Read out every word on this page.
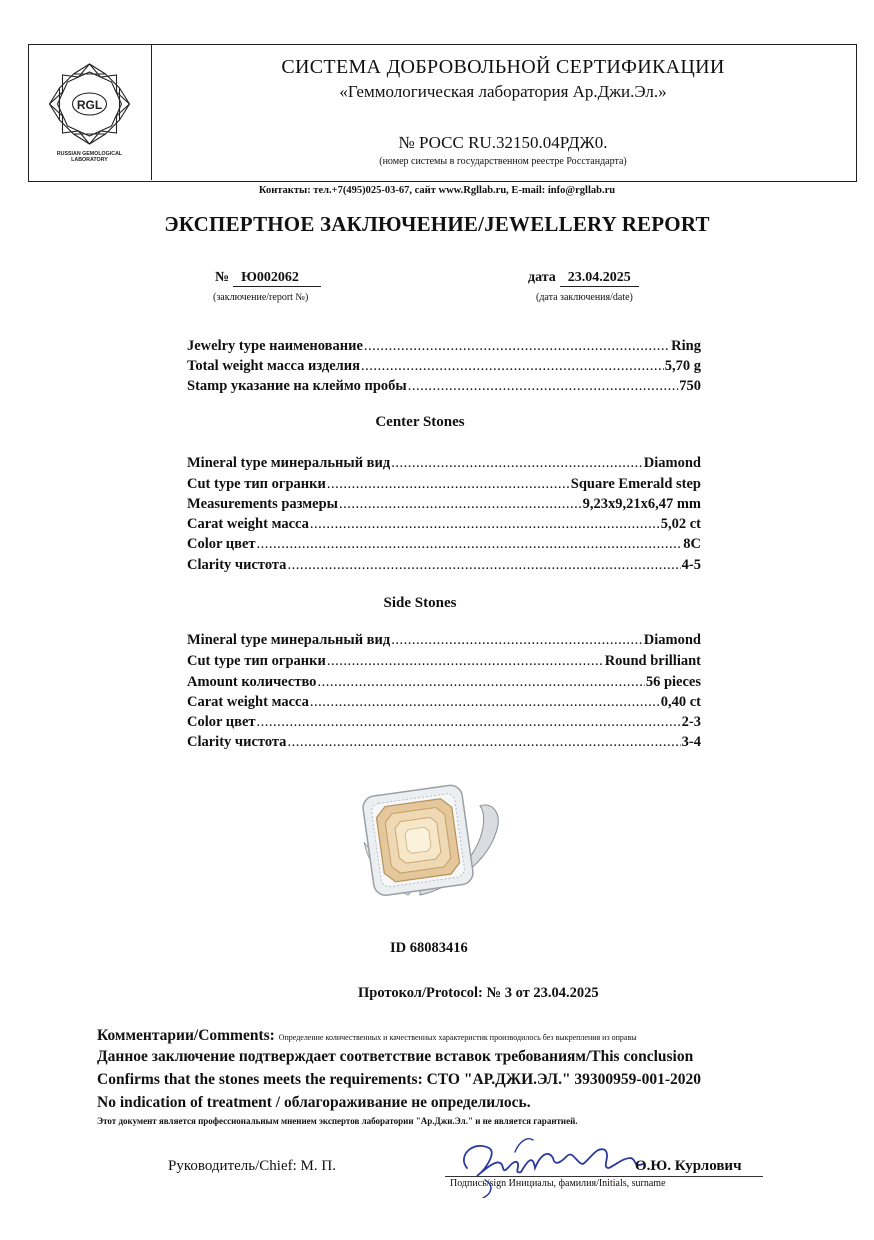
RGL
RUSSIAN GEMOLOGICAL
LABORATORY
СИСТЕМА ДОБРОВОЛЬНОЙ СЕРТИФИКАЦИИ
«Геммологическая лаборатория Ар.Джи.Эл.»
№ РОСС RU.32150.04РДЖ0.
(номер системы в государственном реестре Росстандарта)
Контакты: тел.+7(495)025-03-67, сайт www.Rgllab.ru, E-mail: info@rgllab.ru
ЭКСПЕРТНОЕ ЗАКЛЮЧЕНИЕ/JEWELLERY REPORT
№ Ю002062
(заключение/report №)
дата 23.04.2025
(дата заключения/date)
Jewelry type наименование .....	Ring
Total weight масса изделия .....	5,70 g
Stamp указание на клеймо пробы .....	750
Center Stones
Mineral type минеральный вид .....	Diamond
Cut type тип огранки .....	Square Emerald step
Measurements размеры .....	9,23x9,21x6,47 mm
Carat weight масса .....	5,02 ct
Color цвет .....	8C
Clarity чистота .....	4-5
Side Stones
Mineral type минеральный вид .....	Diamond
Cut type тип огранки .....	Round brilliant
Amount количество .....	56 pieces
Carat weight масса .....	0,40 ct
Color цвет .....	2-3
Clarity чистота .....	3-4
ID 68083416
Протокол/Protocol: № 3 от 23.04.2025
Комментарии/Comments: Определение количественных и качественных характеристик производилось без выкрепления из оправы
Данное заключение подтверждает соответствие вставок требованиям/This conclusion
Confirms that the stones meets the requirements: СТО "АР.ДЖИ.ЭЛ." 39300959-001-2020
No indication of treatment / облагораживание не определилось.
Этот документ является профессиональным мнением экспертов лаборатории "Ар.Джи.Эл." и не является гарантией.
Руководитель/Chief: М. П.	О.Ю. Курлович
Подпись/sign Инициалы, фамилия/Initials, surname
